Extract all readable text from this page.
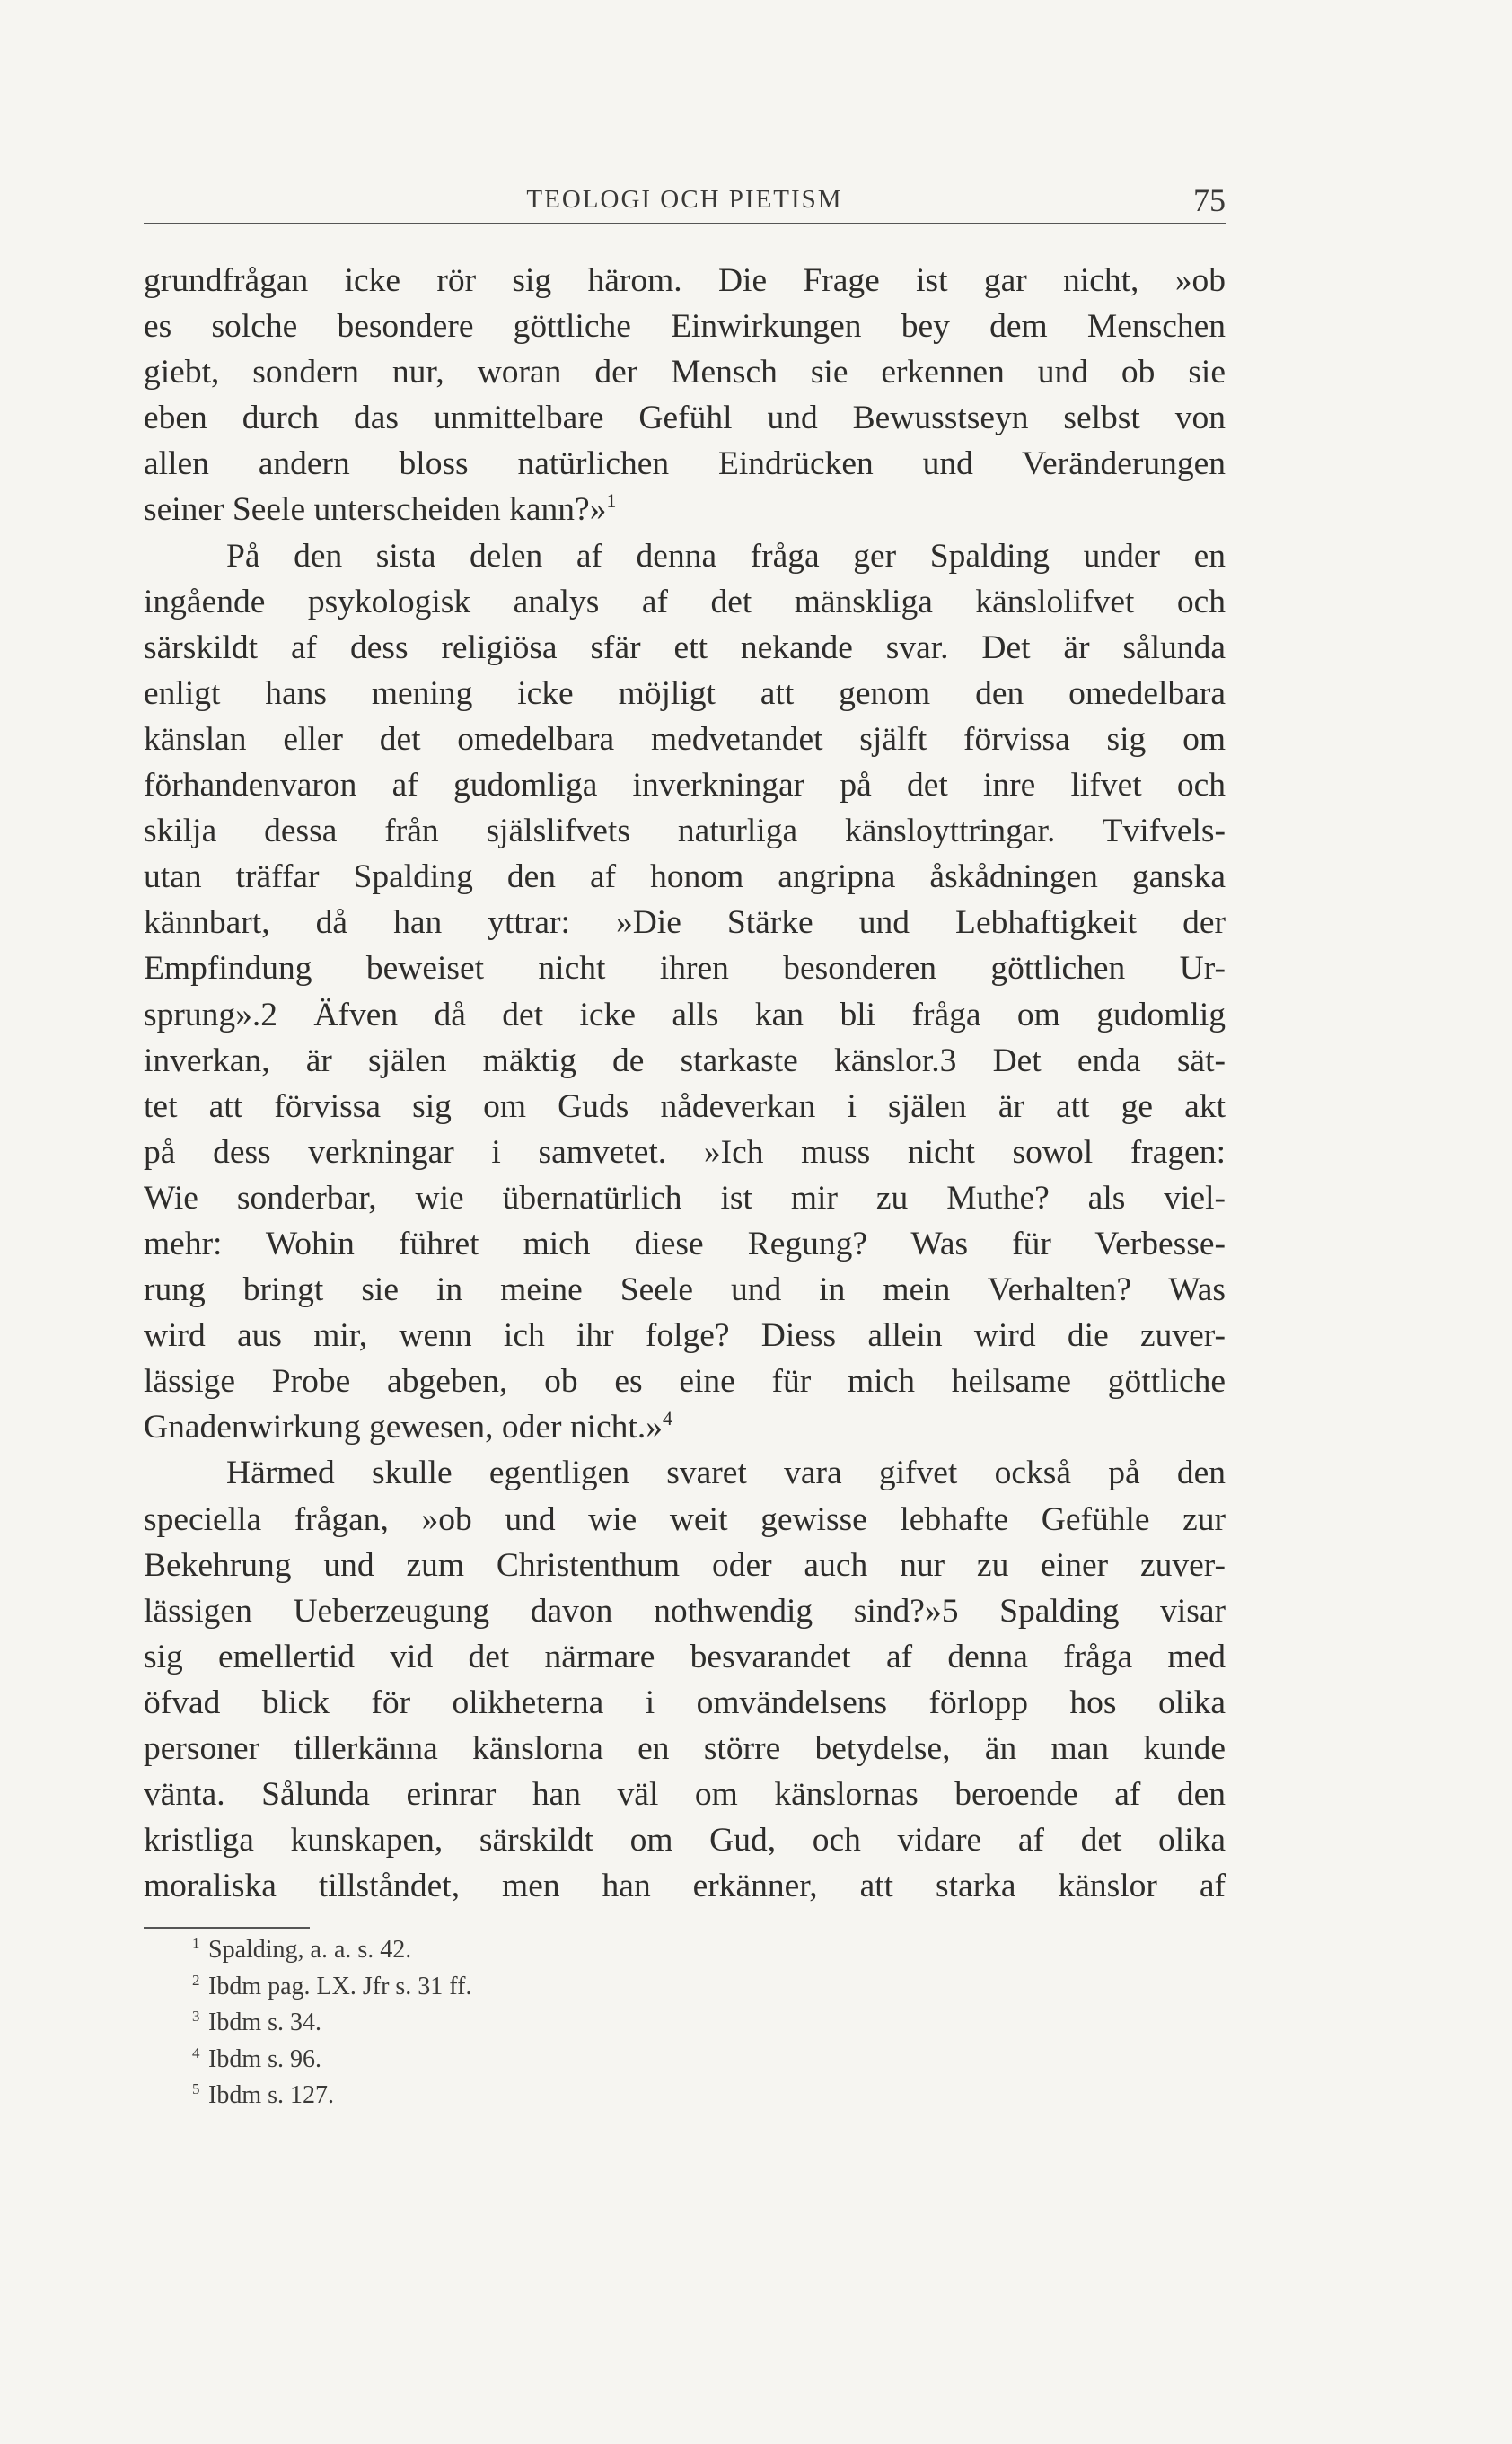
TEOLOGI OCH PIETISM	75
grundfrågan icke rör sig härom. Die Frage ist gar nicht, »ob
es solche besondere göttliche Einwirkungen bey dem Menschen
giebt, sondern nur, woran der Mensch sie erkennen und ob sie
eben durch das unmittelbare Gefühl und Bewusstseyn selbst von
allen andern bloss natürlichen Eindrücken und Veränderungen
seiner Seele unterscheiden kann?»$^1$
På den sista delen af denna fråga ger Spalding under en
ingående psykologisk analys af det mänskliga känslolifvet och
särskildt af dess religiösa sfär ett nekande svar. Det är sålunda
enligt hans mening icke möjligt att genom den omedelbara
känslan eller det omedelbara medvetandet själft förvissa sig om
förhandenvaron af gudomliga inverkningar på det inre lifvet och
skilja dessa från själslifvets naturliga känsloyttringar. Tvifvels-
utan träffar Spalding den af honom angripna åskådningen ganska
kännbart, då han yttrar: »Die Stärke und Lebhaftigkeit der
Empfindung beweiset nicht ihren besonderen göttlichen Ur-
sprung».2 Äfven då det icke alls kan bli fråga om gudomlig
inverkan, är själen mäktig de starkaste känslor.3 Det enda sät-
tet att förvissa sig om Guds nådeverkan i själen är att ge akt
på dess verkningar i samvetet. »Ich muss nicht sowol fragen:
Wie sonderbar, wie übernatürlich ist mir zu Muthe? als viel-
mehr: Wohin führet mich diese Regung? Was für Verbesse-
rung bringt sie in meine Seele und in mein Verhalten? Was
wird aus mir, wenn ich ihr folge? Diess allein wird die zuver-
lässige Probe abgeben, ob es eine für mich heilsame göttliche
Gnadenwirkung gewesen, oder nicht.»$^4$
Härmed skulle egentligen svaret vara gifvet också på den
speciella frågan, »ob und wie weit gewisse lebhafte Gefühle zur
Bekehrung und zum Christenthum oder auch nur zu einer zuver-
lässigen Ueberzeugung davon nothwendig sind?»5 Spalding visar
sig emellertid vid det närmare besvarandet af denna fråga med
öfvad blick för olikheterna i omvändelsens förlopp hos olika
personer tillerkänna känslorna en större betydelse, än man kunde
vänta. Sålunda erinrar han väl om känslornas beroende af den
kristliga kunskapen, särskildt om Gud, och vidare af det olika
moraliska tillståndet, men han erkänner, att starka känslor af
1 Spalding, a. a. s. 42.
2 Ibdm pag. LX. Jfr s. 31 ff.
3 Ibdm s. 34.
4 Ibdm s. 96.
5 Ibdm s. 127.
